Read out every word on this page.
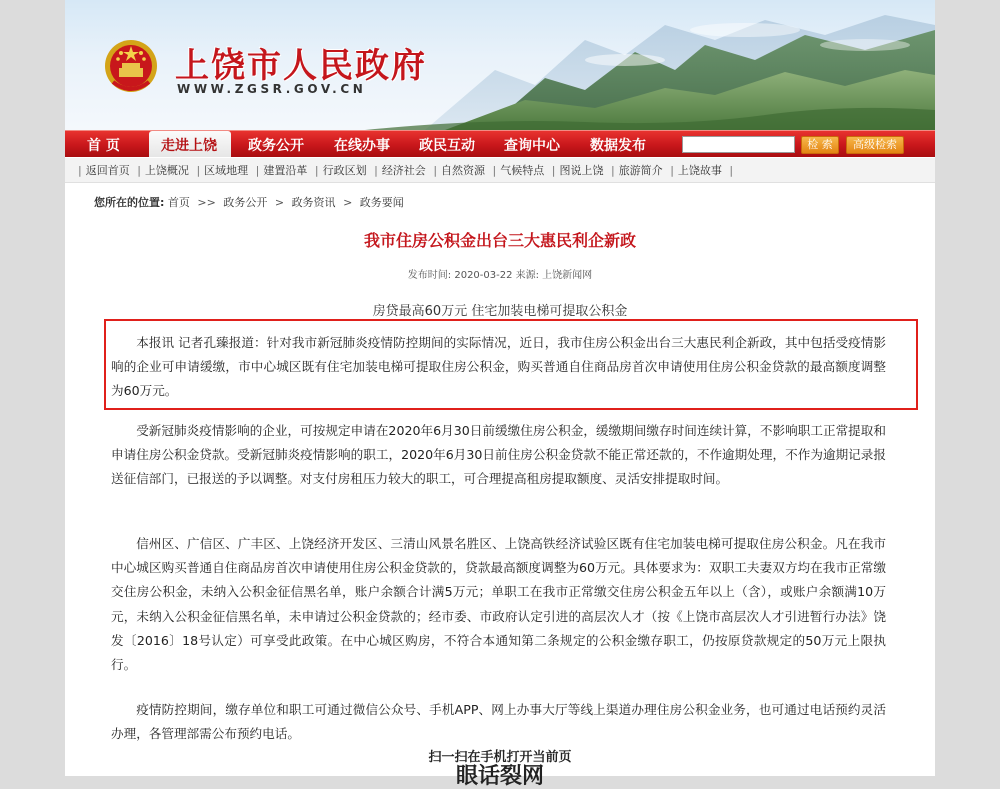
上饶市人民政府
WWW.ZGSR.GOV.CN
走进上饶
首 页	政务公开 在线办事 政民互动 查询中心 数据发布	检 索	高级检索
| 返回首页 | 上饶概况 | 区域地理 | 建置沿革 | 行政区划 | 经济社会 | 自然资源 | 气候特点 | 图说上饶 | 旅游简介 | 上饶故事 |
您所在的位置: 首页 >> 政务公开 > 政务资讯 > 政务要闻
我市住房公积金出台三大惠民利企新政
发布时间: 2020-03-22 来源: 上饶新闻网
房贷最高60万元 住宅加装电梯可提取公积金

本报讯 记者孔臻报道：针对我市新冠肺炎疫情防控期间的实际情况，近日，我市住房公积金出台三大惠民利企新政，其中包括受疫情影响的企业可申请缓缴，市中心城区既有住宅加装电梯可提取住房公积金，购买普通自住商品房首次申请使用住房公积金贷款的最高额度调整为60万元。

受新冠肺炎疫情影响的企业，可按规定申请在2020年6月30日前缓缴住房公积金，缓缴期间缴存时间连续计算，不影响职工正常提取和申请住房公积金贷款。受新冠肺炎疫情影响的职工，2020年6月30日前住房公积金贷款不能正常还款的，不作逾期处理，不作为逾期记录报送征信部门，已报送的予以调整。对支付房租压力较大的职工，可合理提高租房提取额度、灵活安排提取时间。

信州区、广信区、广丰区、上饶经济开发区、三清山风景名胜区、上饶高铁经济试验区既有住宅加装电梯可提取住房公积金。凡在我市中心城区购买普通自住商品房首次申请使用住房公积金贷款的，贷款最高额度调整为60万元。具体要求为：双职工夫妻双方均在我市正常缴交住房公积金，未纳入公积金征信黑名单，账户余额合计满5万元；单职工在我市正常缴交住房公积金五年以上（含），或账户余额满10万元，未纳入公积金征信黑名单，未申请过公积金贷款的；经市委、市政府认定引进的高层次人才（按《上饶市高层次人才引进暂行办法》饶发〔2016〕18号认定）可享受此政策。在中心城区购房，不符合本通知第二条规定的公积金缴存职工，仍按原贷款规定的50万元上限执行。

疫情防控期间，缴存单位和职工可通过微信公众号、手机APP、网上办事大厅等线上渠道办理住房公积金业务，也可通过电话预约灵活办理，各管理部需公布预约电话。

扫一扫在手机打开当前页
眼话裂网
